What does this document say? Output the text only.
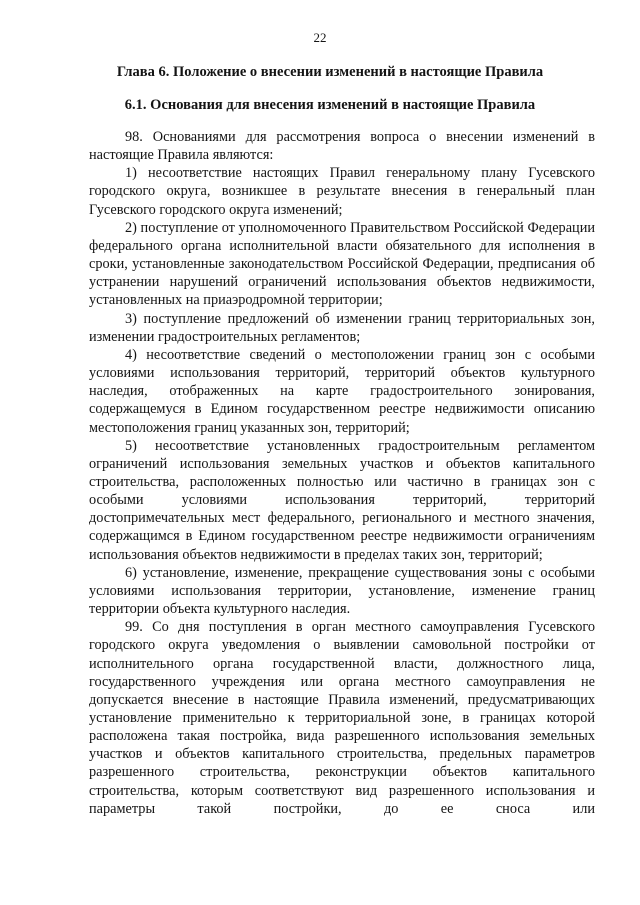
22
Глава 6. Положение о внесении изменений в настоящие Правила
6.1. Основания для внесения изменений в настоящие Правила

98. Основаниями для рассмотрения вопроса о внесении изменений в настоящие Правила являются:

1) несоответствие настоящих Правил генеральному плану Гусевского городского округа, возникшее в результате внесения в генеральный план Гусевского городского округа изменений;

2) поступление от уполномоченного Правительством Российской Федерации федерального органа исполнительной власти обязательного для исполнения в сроки, установленные законодательством Российской Федерации, предписания об устранении нарушений ограничений использования объектов недвижимости, установленных на приаэродромной территории;

3) поступление предложений об изменении границ территориальных зон, изменении градостроительных регламентов;

4) несоответствие сведений о местоположении границ зон с особыми условиями использования территорий, территорий объектов культурного наследия, отображенных на карте градостроительного зонирования, содержащемуся в Едином государственном реестре недвижимости описанию местоположения границ указанных зон, территорий;

5) несоответствие установленных градостроительным регламентом ограничений использования земельных участков и объектов капитального строительства, расположенных полностью или частично в границах зон с особыми условиями использования территорий, территорий достопримечательных мест федерального, регионального и местного значения, содержащимся в Едином государственном реестре недвижимости ограничениям использования объектов недвижимости в пределах таких зон, территорий;

6) установление, изменение, прекращение существования зоны с особыми условиями использования территории, установление, изменение границ территории объекта культурного наследия.

99. Со дня поступления в орган местного самоуправления Гусевского городского округа уведомления о выявлении самовольной постройки от исполнительного органа государственной власти, должностного лица, государственного учреждения или органа местного самоуправления не допускается внесение в настоящие Правила изменений, предусматривающих установление применительно к территориальной зоне, в границах которой расположена такая постройка, вида разрешенного использования земельных участков и объектов капитального строительства, предельных параметров разрешенного строительства, реконструкции объектов капитального строительства, которым соответствуют вид разрешенного использования и параметры такой постройки, до ее сноса или
